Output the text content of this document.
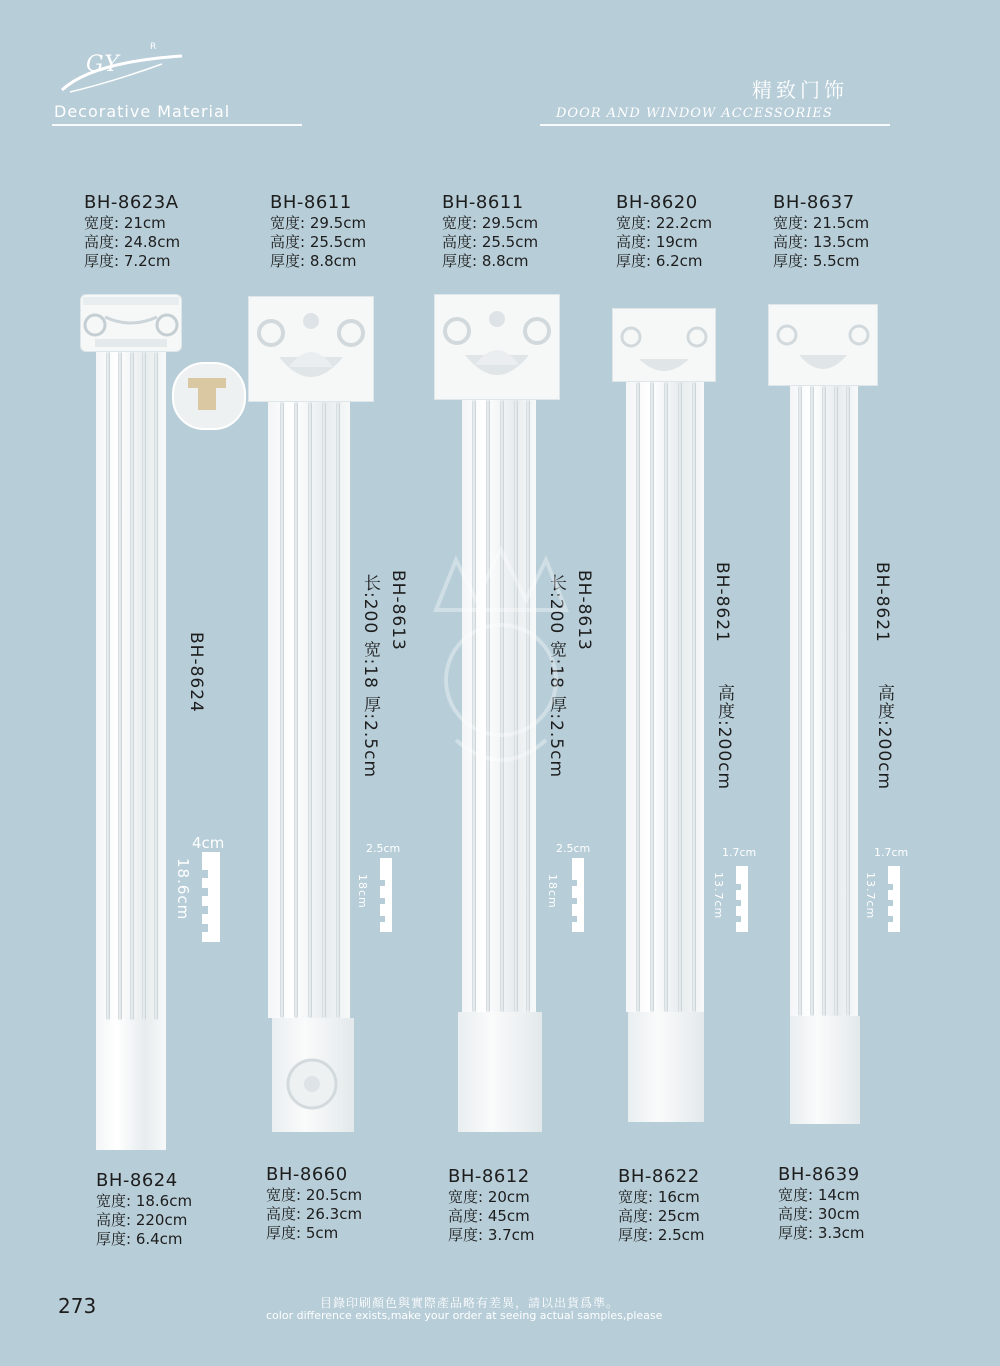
GY
R
Decorative Material
精致门饰
DOOR AND WINDOW ACCESSORIES
BH-8623A
宽度: 21cm
高度: 24.8cm
厚度: 7.2cm
BH-8611
宽度: 29.5cm
高度: 25.5cm
厚度: 8.8cm
BH-8611
宽度: 29.5cm
高度: 25.5cm
厚度: 8.8cm
BH-8620
宽度: 22.2cm
高度: 19cm
厚度: 6.2cm
BH-8637
宽度: 21.5cm
高度: 13.5cm
厚度: 5.5cm
BH-8624
BH-8613
长:200 宽:18 厚:2.5cm	BH-8613
长:200 宽:18 厚:2.5cm	BH-8621
高度:200cm
BH-8621
高度:200cm
4cm
18.6cm
2.5cm
18cm
2.5cm
18cm
1.7cm
13.7cm
1.7cm
13.7cm
BH-8624
宽度: 18.6cm
高度: 220cm
厚度: 6.4cm
BH-8660
宽度: 20.5cm
高度: 26.3cm
厚度: 5cm
BH-8612
宽度: 20cm
高度: 45cm
厚度: 3.7cm
BH-8622
宽度: 16cm
高度: 25cm
厚度: 2.5cm
BH-8639
宽度: 14cm
高度: 30cm
厚度: 3.3cm
273	目錄印刷顏色與實際產品略有差異，請以出貨爲準。
color difference exists,make your order at seeing actual samples,please
